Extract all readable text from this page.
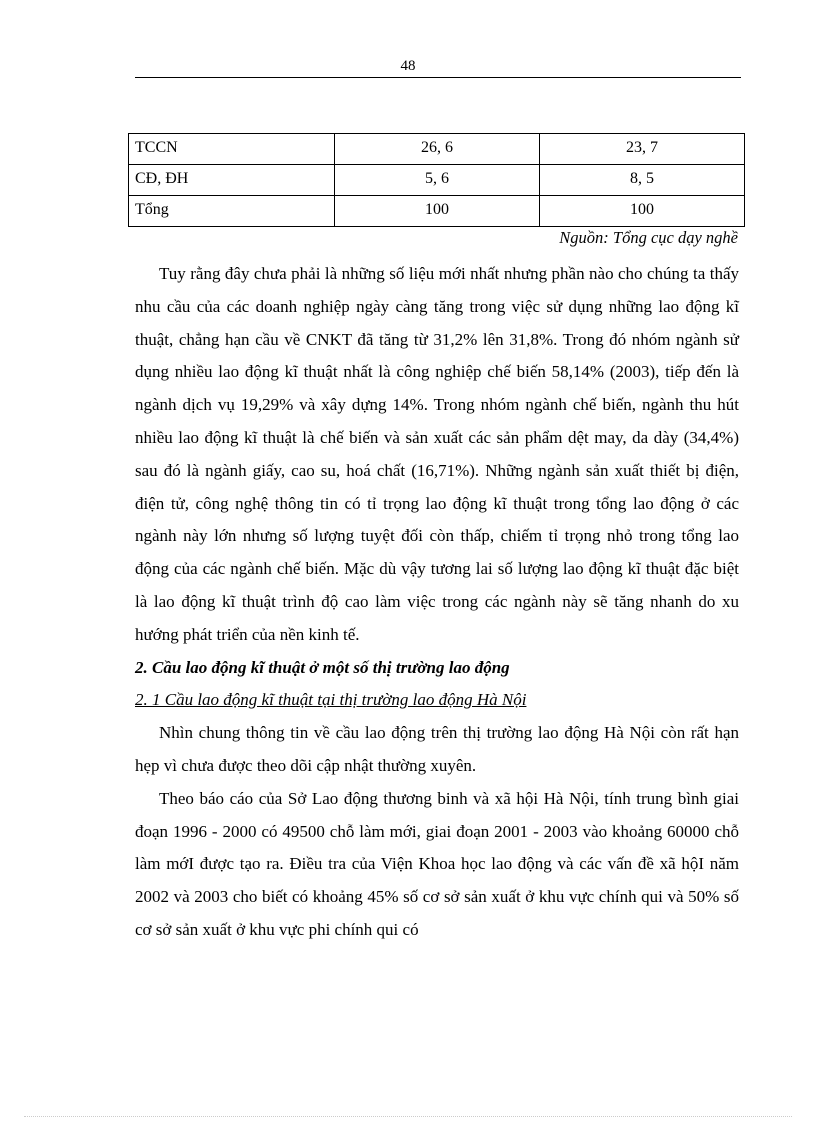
48
TCCN	26, 6	23, 7
CĐ, ĐH	5, 6	8, 5
Tổng	100	100
Nguồn: Tổng cục dạy nghề

Tuy rằng đây chưa phải là những số liệu mới nhất nhưng phần nào cho chúng ta thấy nhu cầu của các doanh nghiệp ngày càng tăng trong việc sử dụng những lao động kĩ thuật, chẳng hạn cầu về CNKT đã tăng từ 31,2% lên 31,8%. Trong đó nhóm ngành sử dụng nhiều lao động kĩ thuật nhất là công nghiệp chế biến 58,14% (2003), tiếp đến là ngành dịch vụ 19,29% và xây dựng 14%. Trong nhóm ngành chế biến, ngành thu hút nhiều lao động kĩ thuật là chế biến và sản xuất các sản phẩm dệt may, da dày (34,4%) sau đó là ngành giấy, cao su, hoá chất (16,71%). Những ngành sản xuất thiết bị điện, điện tử, công nghệ thông tin có tỉ trọng lao động kĩ thuật trong tổng lao động ở các ngành này lớn nhưng số lượng tuyệt đối còn thấp, chiếm tỉ trọng nhỏ trong tổng lao động của các ngành chế biến. Mặc dù vậy tương lai số lượng lao động kĩ thuật đặc biệt là lao động kĩ thuật trình độ cao làm việc trong các ngành này sẽ tăng nhanh do xu hướng phát triển của nền kinh tế.

2. Cầu lao động kĩ thuật ở một số thị trường lao động

2. 1 Cầu lao động kĩ thuật tại thị trường lao động Hà Nội

Nhìn chung thông tin về cầu lao động trên thị trường lao động Hà Nội còn rất hạn hẹp vì chưa được theo dõi cập nhật thường xuyên.

Theo báo cáo của Sở Lao động thương binh và xã hội Hà Nội, tính trung bình giai đoạn 1996 - 2000 có 49500 chỗ làm mới, giai đoạn 2001 - 2003 vào khoảng 60000 chỗ làm mớI được tạo ra. Điều tra của Viện Khoa học lao động và các vấn đề xã hộI năm 2002 và 2003 cho biết có khoảng 45% số cơ sở sản xuất ở khu vực chính qui và 50% số cơ sở sản xuất ở khu vực phi chính qui có
